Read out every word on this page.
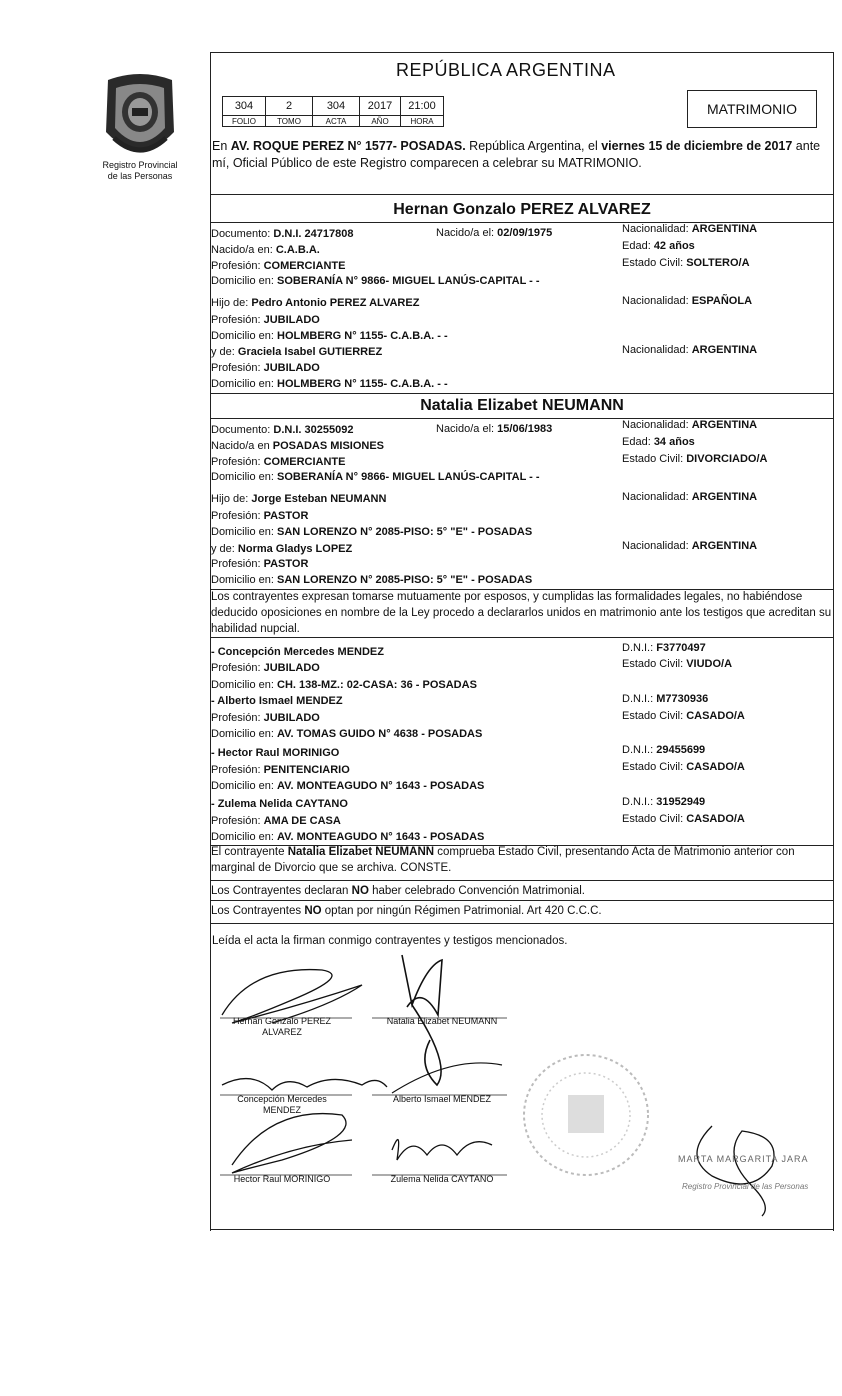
Registro Provincial
de las Personas
REPÚBLICA ARGENTINA
304	2	304	2017	21:00
FOLIO	TOMO	ACTA	AÑO	HORA
MATRIMONIO
En AV. ROQUE PEREZ N° 1577- POSADAS. República Argentina, el viernes 15 de diciembre de 2017 ante mí, Oficial Público de este Registro comparecen a celebrar su MATRIMONIO.
Hernan Gonzalo PEREZ ALVAREZ
Documento: D.N.I. 24717808	Nacido/a el: 02/09/1975	Nacionalidad: ARGENTINA
Edad: 42 años
Nacido/a en: C.A.B.A.
Estado Civil: SOLTERO/A
Profesión: COMERCIANTE
Domicilio en: SOBERANÍA N° 9866- MIGUEL LANÚS-CAPITAL - -
Hijo de: Pedro Antonio PEREZ ALVAREZ	Nacionalidad: ESPAÑOLA
Profesión: JUBILADO
Domicilio en: HOLMBERG N° 1155- C.A.B.A. - -
y de: Graciela Isabel GUTIERREZ	Nacionalidad: ARGENTINA
Profesión: JUBILADO
Domicilio en: HOLMBERG N° 1155- C.A.B.A. - -
Natalia Elizabet NEUMANN
Documento: D.N.I. 30255092	Nacido/a el: 15/06/1983	Nacionalidad: ARGENTINA
Edad: 34 años
Nacido/a en POSADAS MISIONES
Estado Civil: DIVORCIADO/A
Profesión: COMERCIANTE
Domicilio en: SOBERANÍA N° 9866- MIGUEL LANÚS-CAPITAL - -
Hijo de: Jorge Esteban NEUMANN	Nacionalidad: ARGENTINA
Profesión: PASTOR
Domicilio en: SAN LORENZO N° 2085-PISO: 5° "E" - POSADAS
y de: Norma Gladys LOPEZ	Nacionalidad: ARGENTINA
Profesión: PASTOR
Domicilio en: SAN LORENZO N° 2085-PISO: 5° "E" - POSADAS
Los contrayentes expresan tomarse mutuamente por esposos, y cumplidas las formalidades legales, no habiéndose deducido oposiciones en nombre de la Ley procedo a declararlos unidos en matrimonio ante los testigos que acreditan su habilidad nupcial.
- Concepción Mercedes MENDEZ	D.N.I.: F3770497
Profesión: JUBILADO	Estado Civil: VIUDO/A
Domicilio en: CH. 138-MZ.: 02-CASA: 36 - POSADAS
- Alberto Ismael MENDEZ	D.N.I.: M7730936
Profesión: JUBILADO	Estado Civil: CASADO/A
Domicilio en: AV. TOMAS GUIDO N° 4638 - POSADAS
- Hector Raul MORINIGO	D.N.I.: 29455699
Profesión: PENITENCIARIO	Estado Civil: CASADO/A
Domicilio en: AV. MONTEAGUDO N° 1643 - POSADAS
- Zulema Nelida CAYTANO	D.N.I.: 31952949
Profesión: AMA DE CASA	Estado Civil: CASADO/A
Domicilio en: AV. MONTEAGUDO N° 1643 - POSADAS
El contrayente Natalia Elizabet NEUMANN comprueba Estado Civil, presentando Acta de Matrimonio anterior con marginal de Divorcio que se archiva. CONSTE.
Los Contrayentes declaran NO haber celebrado Convención Matrimonial.
Los Contrayentes NO optan por ningún Régimen Patrimonial. Art 420 C.C.C.
Leída el acta la firman conmigo contrayentes y testigos mencionados.
Hernan Gonzalo PEREZ
ALVAREZ
Natalia Elizabet NEUMANN
Concepción Mercedes
MENDEZ
Alberto Ismael MENDEZ
Hector Raul MORINIGO	Zulema Nelida CAYTANO
MARTA MARGARITA JARA
Registro Provincial de las Personas
